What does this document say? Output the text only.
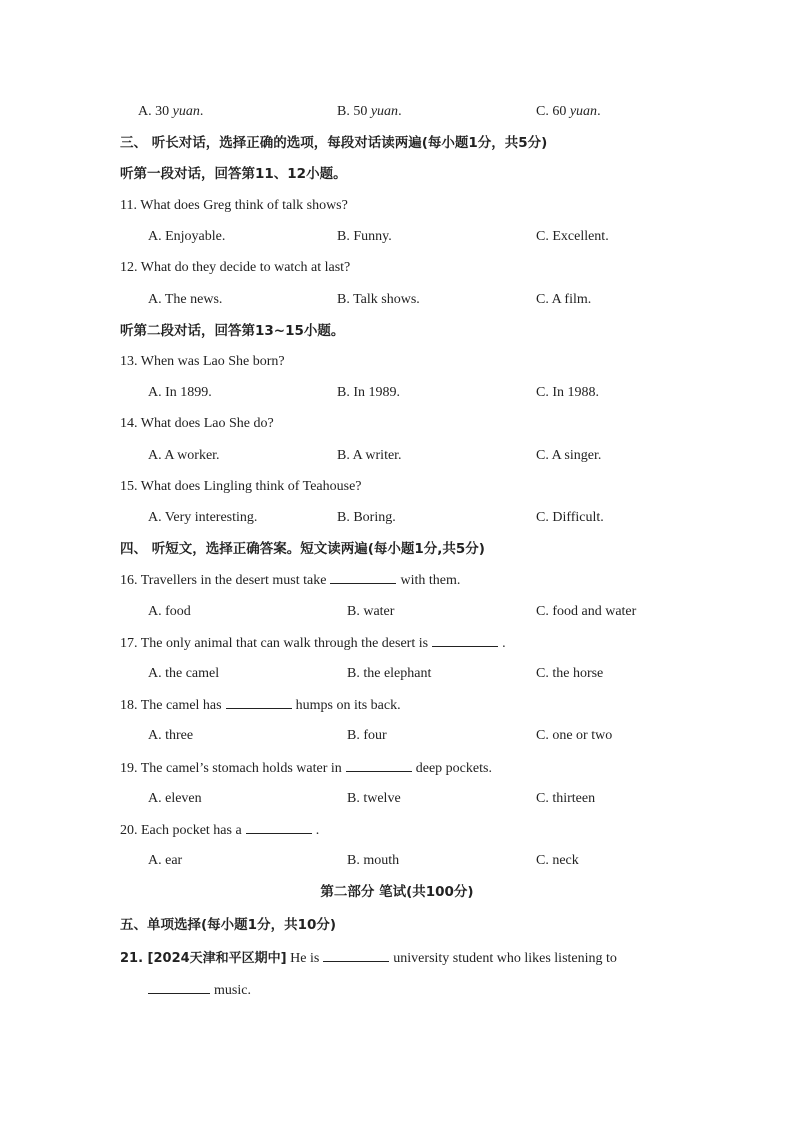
A. 30 yuan.	B. 50 yuan.	C. 60 yuan.
三、 听长对话，选择正确的选项，每段对话读两遍(每小题1分，共5分)
听第一段对话，回答第11、12小题。
11. What does Greg think of talk shows?
A. Enjoyable.	B. Funny.	C. Excellent.
12. What do they decide to watch at last?
A. The news.	B. Talk shows.	C. A film.
听第二段对话，回答第13~15小题。
13. When was Lao She born?
A. In 1899.	B. In 1989.	C. In 1988.
14. What does Lao She do?
A. A worker.	B. A writer.	C. A singer.
15. What does Lingling think of Teahouse?
A. Very interesting.	B. Boring.	C. Difficult.
四、 听短文，选择正确答案。短文读两遍(每小题1分,共5分)
16. Travellers in the desert must take	with them.
A. food	B. water	C. food and water
17. The only animal that can walk through the desert is	.
A. the camel	B. the elephant	C. the horse
18. The camel has	humps on its back.
A. three	B. four	C. one or two
19. The camel’s stomach holds water in	deep pockets.
A. eleven	B. twelve	C. thirteen
20. Each pocket has a	.
A. ear	B. mouth	C. neck
第二部分 笔试(共100分)
五、单项选择(每小题1分，共10分)
21. [2024天津和平区期中] He is	university student who likes listening to
music.
